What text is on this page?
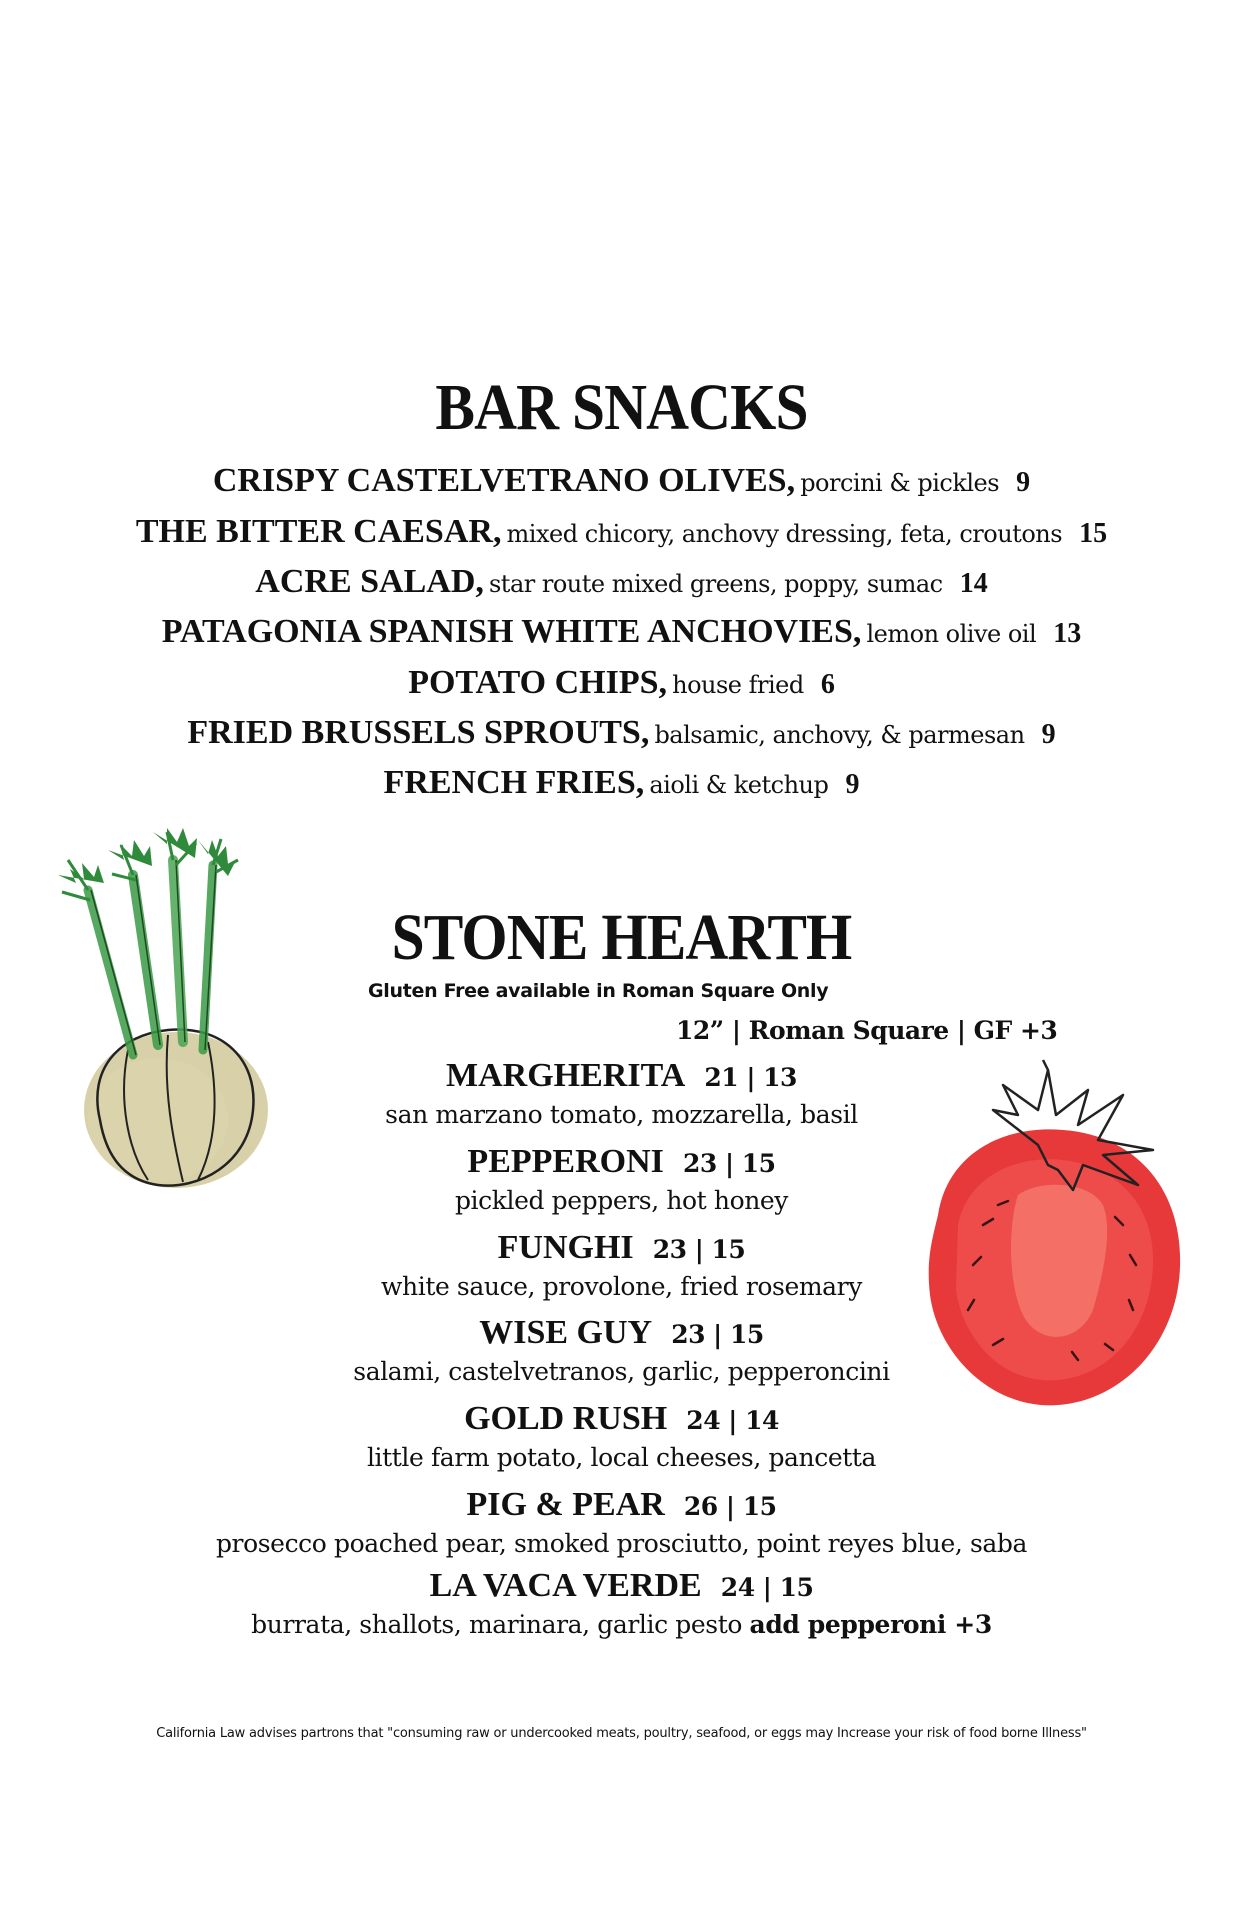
BAR SNACKS
CRISPY CASTELVETRANO OLIVES, porcini & pickles 9
THE BITTER CAESAR, mixed chicory, anchovy dressing, feta, croutons 15
ACRE SALAD, star route mixed greens, poppy, sumac 14
PATAGONIA SPANISH WHITE ANCHOVIES, lemon olive oil 13
POTATO CHIPS, house fried 6
FRIED BRUSSELS SPROUTS, balsamic, anchovy, & parmesan 9
FRENCH FRIES, aioli & ketchup 9
STONE HEARTH
Gluten Free available in Roman Square Only
12” | Roman Square | GF +3
MARGHERITA 21 | 13
san marzano tomato, mozzarella, basil
PEPPERONI 23 | 15
pickled peppers, hot honey
FUNGHI 23 | 15
white sauce, provolone, fried rosemary
WISE GUY 23 | 15
salami, castelvetranos, garlic, pepperoncini
GOLD RUSH 24 | 14
little farm potato, local cheeses, pancetta
PIG & PEAR 26 | 15
prosecco poached pear, smoked prosciutto, point reyes blue, saba
LA VACA VERDE 24 | 15
burrata, shallots, marinara, garlic pesto add pepperoni +3
California Law advises partrons that "consuming raw or undercooked meats, poultry, seafood, or eggs may Increase your risk of food borne Illness"
